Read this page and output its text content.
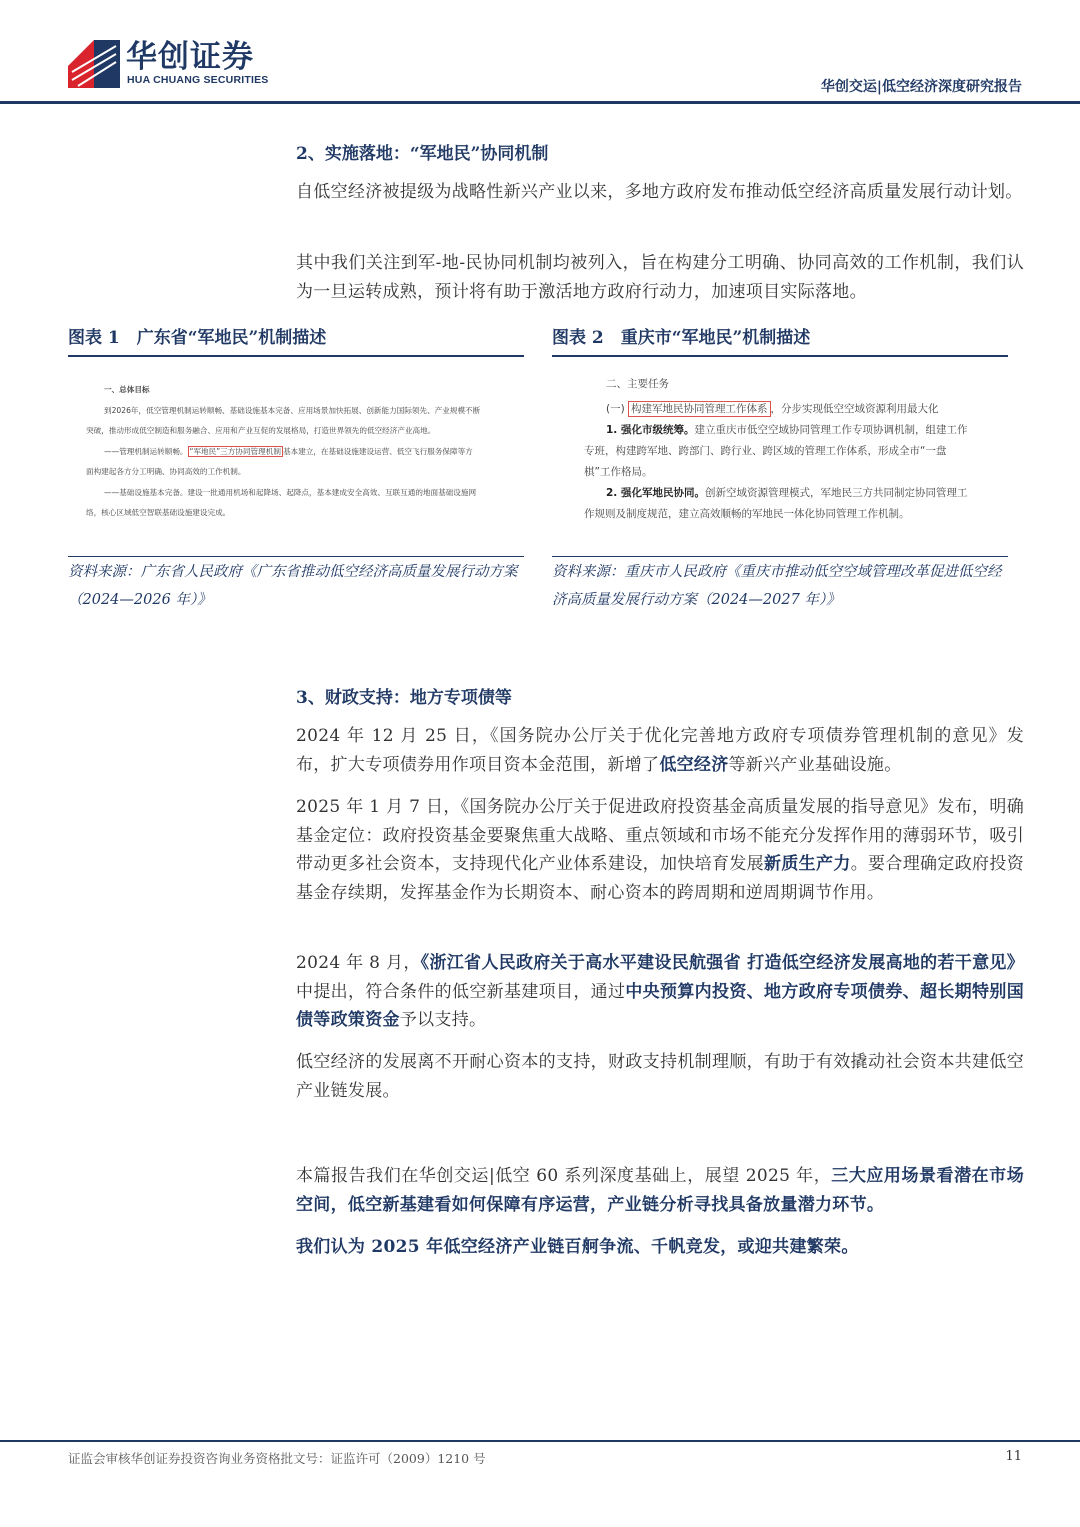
华创证券
HUA CHUANG SECURITIES	华创交运|低空经济深度研究报告
2、实施落地：“军地民”协同机制
自低空经济被提级为战略性新兴产业以来，多地方政府发布推动低空经济高质量发展行动计划。
其中我们关注到军-地-民协同机制均被列入，旨在构建分工明确、协同高效的工作机制，我们认为一旦运转成熟，预计将有助于激活地方政府行动力，加速项目实际落地。
图表 1　广东省“军地民”机制描述
一、总体目标
到2026年，低空管理机制运转顺畅、基础设施基本完备、应用场景加快拓展、创新能力国际领先、产业规模不断
突破，推动形成低空制造和服务融合、应用和产业互促的发展格局，打造世界领先的低空经济产业高地。
——管理机制运转顺畅。 “军地民”三方协同管理机制 基本建立，在基础设施建设运营、低空飞行服务保障等方
面构建起各方分工明确、协同高效的工作机制。
——基础设施基本完备。建设一批通用机场和起降场、起降点，基本建成安全高效、互联互通的地面基础设施网
络，核心区域低空智联基础设施建设完成。
资料来源：广东省人民政府《广东省推动低空经济高质量发展行动方案（2024—2026 年）》
图表 2　重庆市“军地民”机制描述
二、主要任务
(一) 构建军地民协同管理工作体系 ，分步实现低空空域资源利用最大化
1. 强化市级统筹。建立重庆市低空空域协同管理工作专项协调机制，组建工作
专班，构建跨军地、跨部门、跨行业、跨区域的管理工作体系，形成全市“一盘
棋”工作格局。
2. 强化军地民协同。创新空域资源管理模式，军地民三方共同制定协同管理工
作规则及制度规范，建立高效顺畅的军地民一体化协同管理工作机制。
资料来源：重庆市人民政府《重庆市推动低空空域管理改革促进低空经济高质量发展行动方案（2024—2027 年）》
3、财政支持：地方专项债等
2024 年 12 月 25 日，《国务院办公厅关于优化完善地方政府专项债券管理机制的意见》发布，扩大专项债券用作项目资本金范围，新增了低空经济等新兴产业基础设施。
2025 年 1 月 7 日，《国务院办公厅关于促进政府投资基金高质量发展的指导意见》发布，明确基金定位：政府投资基金要聚焦重大战略、重点领域和市场不能充分发挥作用的薄弱环节，吸引带动更多社会资本，支持现代化产业体系建设，加快培育发展新质生产力。要合理确定政府投资基金存续期，发挥基金作为长期资本、耐心资本的跨周期和逆周期调节作用。
2024 年 8 月，《浙江省人民政府关于高水平建设民航强省 打造低空经济发展高地的若干意见》中提出，符合条件的低空新基建项目，通过中央预算内投资、地方政府专项债券、超长期特别国债等政策资金予以支持。
低空经济的发展离不开耐心资本的支持，财政支持机制理顺，有助于有效撬动社会资本共建低空产业链发展。
本篇报告我们在华创交运|低空 60 系列深度基础上，展望 2025 年，三大应用场景看潜在市场空间，低空新基建看如何保障有序运营，产业链分析寻找具备放量潜力环节。
我们认为 2025 年低空经济产业链百舸争流、千帆竞发，或迎共建繁荣。
证监会审核华创证券投资咨询业务资格批文号：证监许可（2009）1210 号	11
